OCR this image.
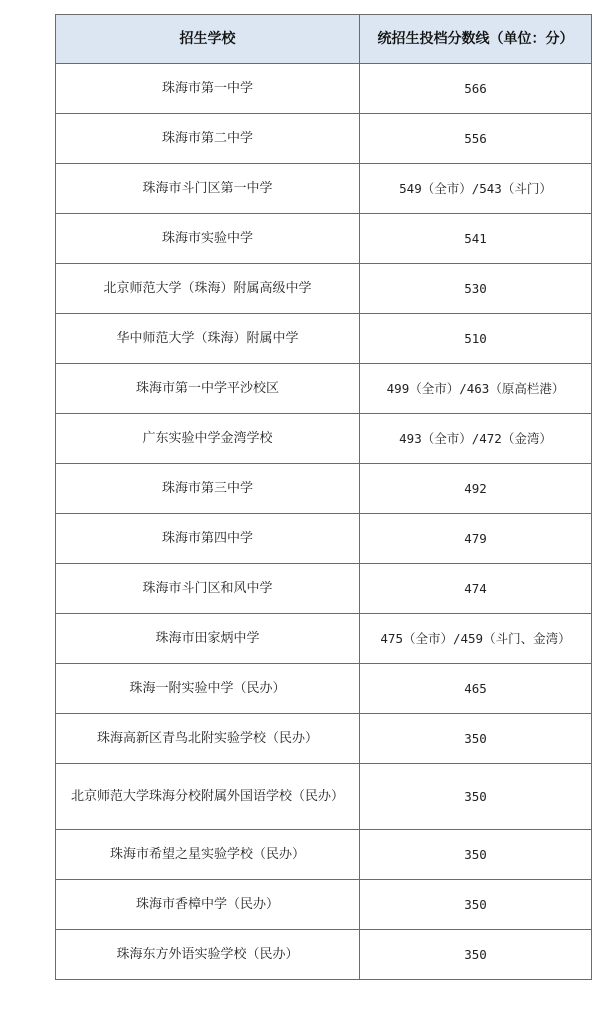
招生学校	统招生投档分数线（单位：分）
珠海市第一中学	566
珠海市第二中学	556
珠海市斗门区第一中学	549（全市）/543（斗门）
珠海市实验中学	541
北京师范大学（珠海）附属高级中学	530
华中师范大学（珠海）附属中学	510
珠海市第一中学平沙校区	499（全市）/463（原高栏港）
广东实验中学金湾学校	493（全市）/472（金湾）
珠海市第三中学	492
珠海市第四中学	479
珠海市斗门区和风中学	474
珠海市田家炳中学	475（全市）/459（斗门、金湾）
珠海一附实验中学（民办）	465
珠海高新区青鸟北附实验学校（民办）	350
北京师范大学珠海分校附属外国语学校（民办）	350
珠海市希望之星实验学校（民办）	350
珠海市香樟中学（民办）	350
珠海东方外语实验学校（民办）	350
